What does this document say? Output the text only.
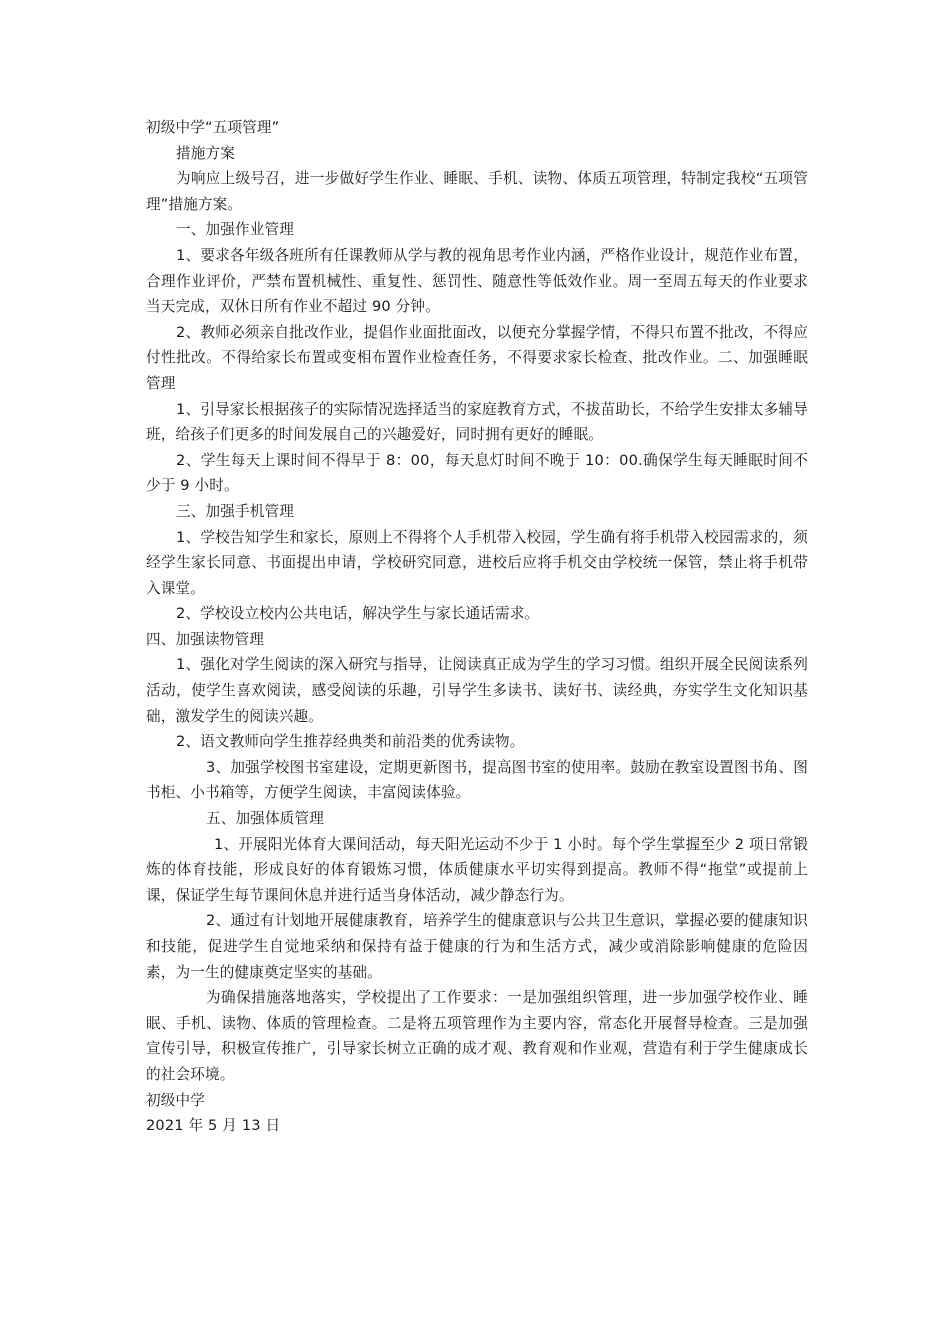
初级中学“五项管理”

措施方案

为响应上级号召，进一步做好学生作业、睡眠、手机、读物、体质五项管理，特制定我校“五项管理”措施方案。

一、加强作业管理

1、要求各年级各班所有任课教师从学与教的视角思考作业内涵，严格作业设计，规范作业布置，合理作业评价，严禁布置机械性、重复性、惩罚性、随意性等低效作业。周一至周五每天的作业要求当天完成，双休日所有作业不超过 90 分钟。

2、教师必须亲自批改作业，提倡作业面批面改，以便充分掌握学情，不得只布置不批改，不得应付性批改。不得给家长布置或变相布置作业检查任务，不得要求家长检查、批改作业。二、加强睡眠管理

1、引导家长根据孩子的实际情况选择适当的家庭教育方式，不拔苗助长，不给学生安排太多辅导班，给孩子们更多的时间发展自己的兴趣爱好，同时拥有更好的睡眠。

2、学生每天上课时间不得早于 8：00，每天息灯时间不晚于 10：00.确保学生每天睡眠时间不少于 9 小时。

三、加强手机管理

1、学校告知学生和家长，原则上不得将个人手机带入校园，学生确有将手机带入校园需求的，须经学生家长同意、书面提出申请，学校研究同意，进校后应将手机交由学校统一保管，禁止将手机带入课堂。

2、学校设立校内公共电话，解决学生与家长通话需求。

四、加强读物管理

1、强化对学生阅读的深入研究与指导，让阅读真正成为学生的学习习惯。组织开展全民阅读系列活动，使学生喜欢阅读，感受阅读的乐趣，引导学生多读书、读好书、读经典，夯实学生文化知识基础，激发学生的阅读兴趣。

2、语文教师向学生推荐经典类和前沿类的优秀读物。

3、加强学校图书室建设，定期更新图书，提高图书室的使用率。鼓励在教室设置图书角、图书柜、小书箱等，方便学生阅读，丰富阅读体验。

五、加强体质管理

1、开展阳光体育大课间活动，每天阳光运动不少于 1 小时。每个学生掌握至少 2 项日常锻炼的体育技能，形成良好的体育锻炼习惯，体质健康水平切实得到提高。教师不得“拖堂”或提前上课，保证学生每节课间休息并进行适当身体活动，减少静态行为。

2、通过有计划地开展健康教育，培养学生的健康意识与公共卫生意识，掌握必要的健康知识和技能，促进学生自觉地采纳和保持有益于健康的行为和生活方式，减少或消除影响健康的危险因素，为一生的健康奠定坚实的基础。

为确保措施落地落实，学校提出了工作要求：一是加强组织管理，进一步加强学校作业、睡眠、手机、读物、体质的管理检查。二是将五项管理作为主要内容，常态化开展督导检查。三是加强宣传引导，积极宣传推广，引导家长树立正确的成才观、教育观和作业观，营造有利于学生健康成长的社会环境。

初级中学

2021 年 5 月 13 日
